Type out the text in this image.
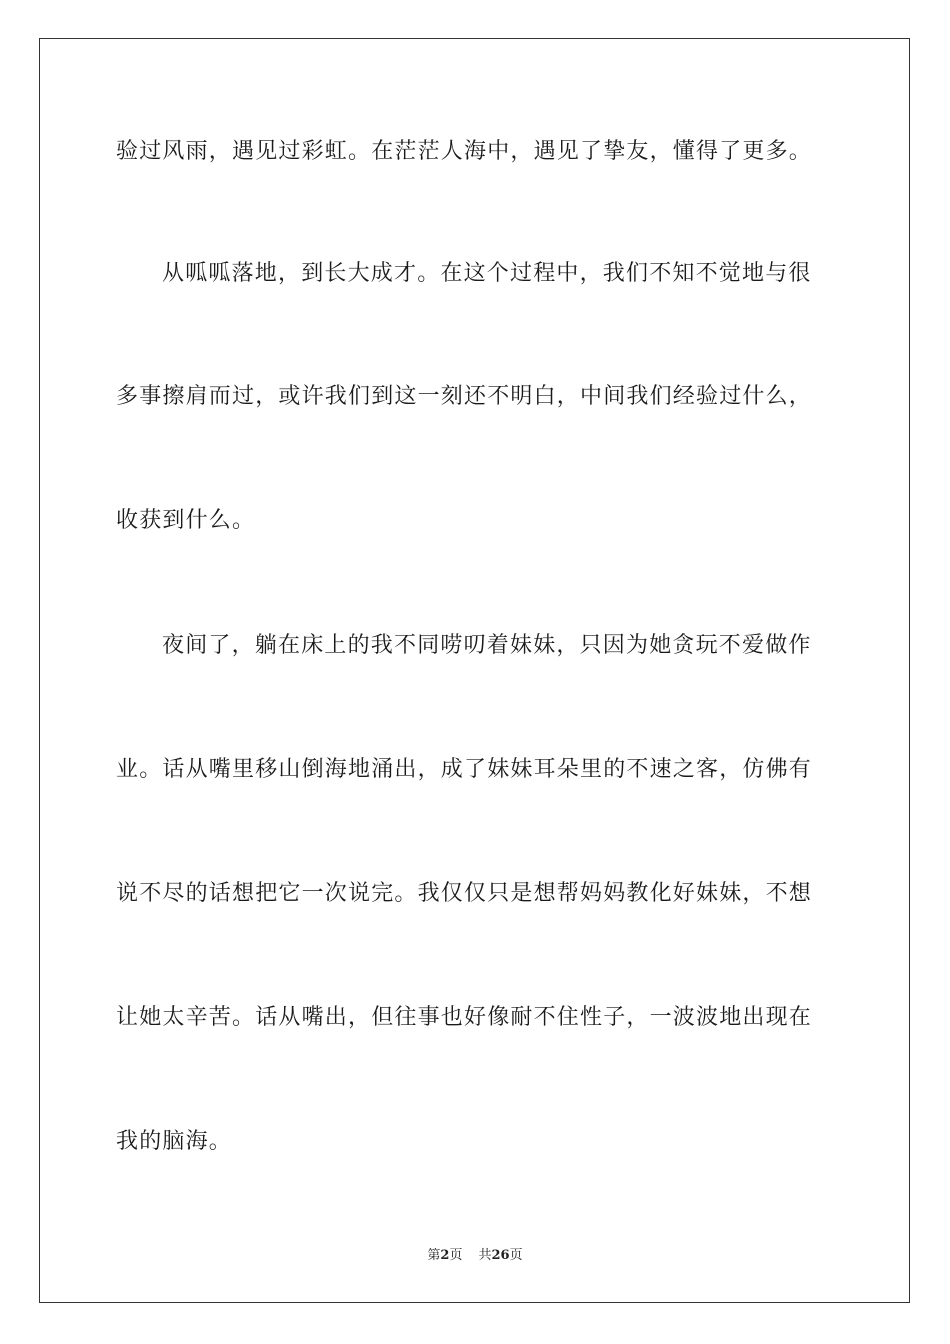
验过风雨，遇见过彩虹。在茫茫人海中，遇见了挚友，懂得了更多。
从呱呱落地，到长大成才。在这个过程中，我们不知不觉地与很
多事擦肩而过，或许我们到这一刻还不明白，中间我们经验过什么，
收获到什么。
夜间了，躺在床上的我不同唠叨着妹妹，只因为她贪玩不爱做作
业。话从嘴里移山倒海地涌出，成了妹妹耳朵里的不速之客，仿佛有
说不尽的话想把它一次说完。我仅仅只是想帮妈妈教化好妹妹，不想
让她太辛苦。话从嘴出，但往事也好像耐不住性子，一波波地出现在
我的脑海。
第2页 共26页
